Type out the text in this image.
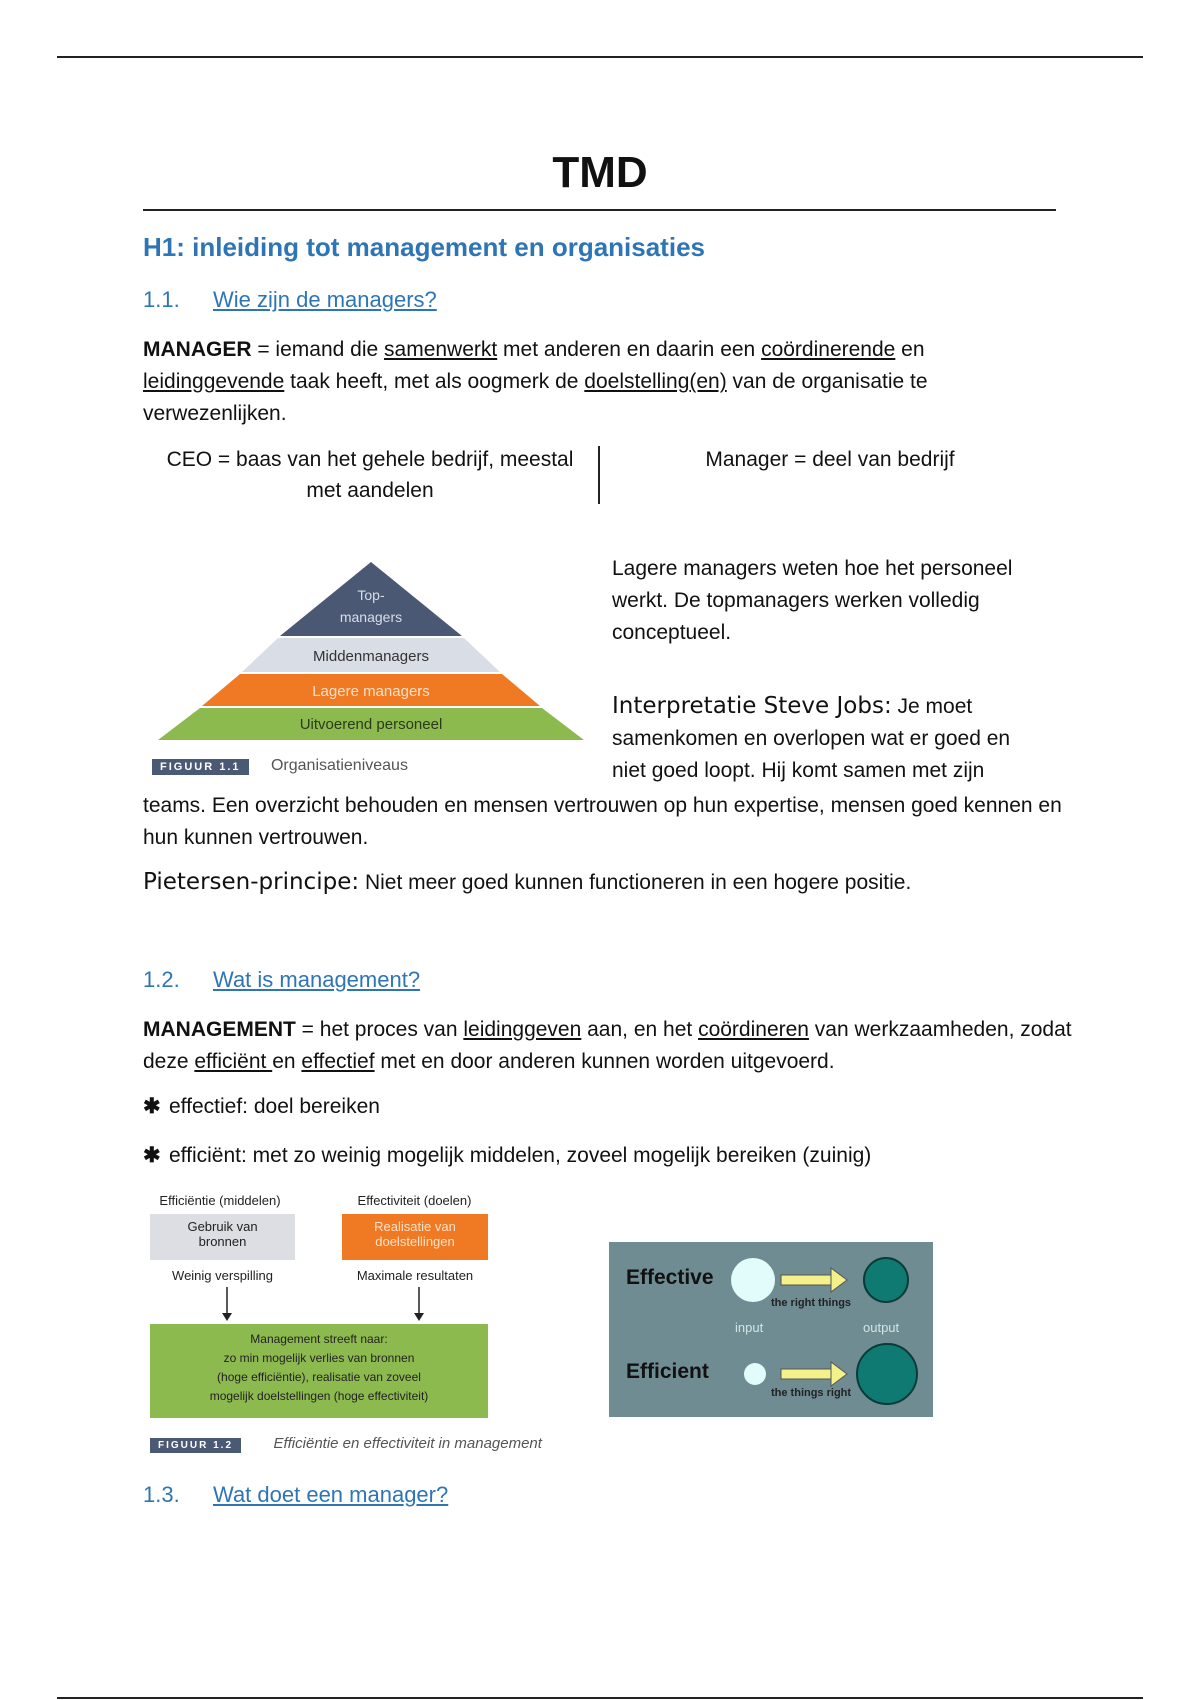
TMD
H1: inleiding tot management en organisaties
1.1. Wie zijn de managers?
MANAGER = iemand die samenwerkt met anderen en daarin een coördinerende en leidinggevende taak heeft, met als oogmerk de doelstelling(en) van de organisatie te verwezenlijken.
CEO = baas van het gehele bedrijf, meestal met aandelen
Manager = deel van bedrijf
Top-
managers
Middenmanagers
Lagere managers
Uitvoerend personeel
FIGUUR 1.1 Organisatieniveaus
Lagere managers weten hoe het personeel werkt. De topmanagers werken volledig conceptueel.
Interpretatie Steve Jobs: Je moet samenkomen en overlopen wat er goed en niet goed loopt. Hij komt samen met zijn
teams. Een overzicht behouden en mensen vertrouwen op hun expertise, mensen goed kennen en hun kunnen vertrouwen.
Pietersen-principe: Niet meer goed kunnen functioneren in een hogere positie.
1.2. Wat is management?
MANAGEMENT = het proces van leidinggeven aan, en het coördineren van werkzaamheden, zodat deze efficiënt en effectief met en door anderen kunnen worden uitgevoerd.
✱ effectief: doel bereiken
✱ efficiënt: met zo weinig mogelijk middelen, zoveel mogelijk bereiken (zuinig)
Efficiëntie (middelen)	Effectiviteit (doelen)
Gebruik van
bronnen
Realisatie van
doelstellingen
Weinig verspilling	Maximale resultaten
Management streeft naar:
zo min mogelijk verlies van bronnen
(hoge efficiëntie), realisatie van zoveel
mogelijk doelstellingen (hoge effectiviteit)
FIGUUR 1.2	Efficiëntie en effectiviteit in management
Effective
Efficient
the right things
input	output
the things right
1.3. Wat doet een manager?
